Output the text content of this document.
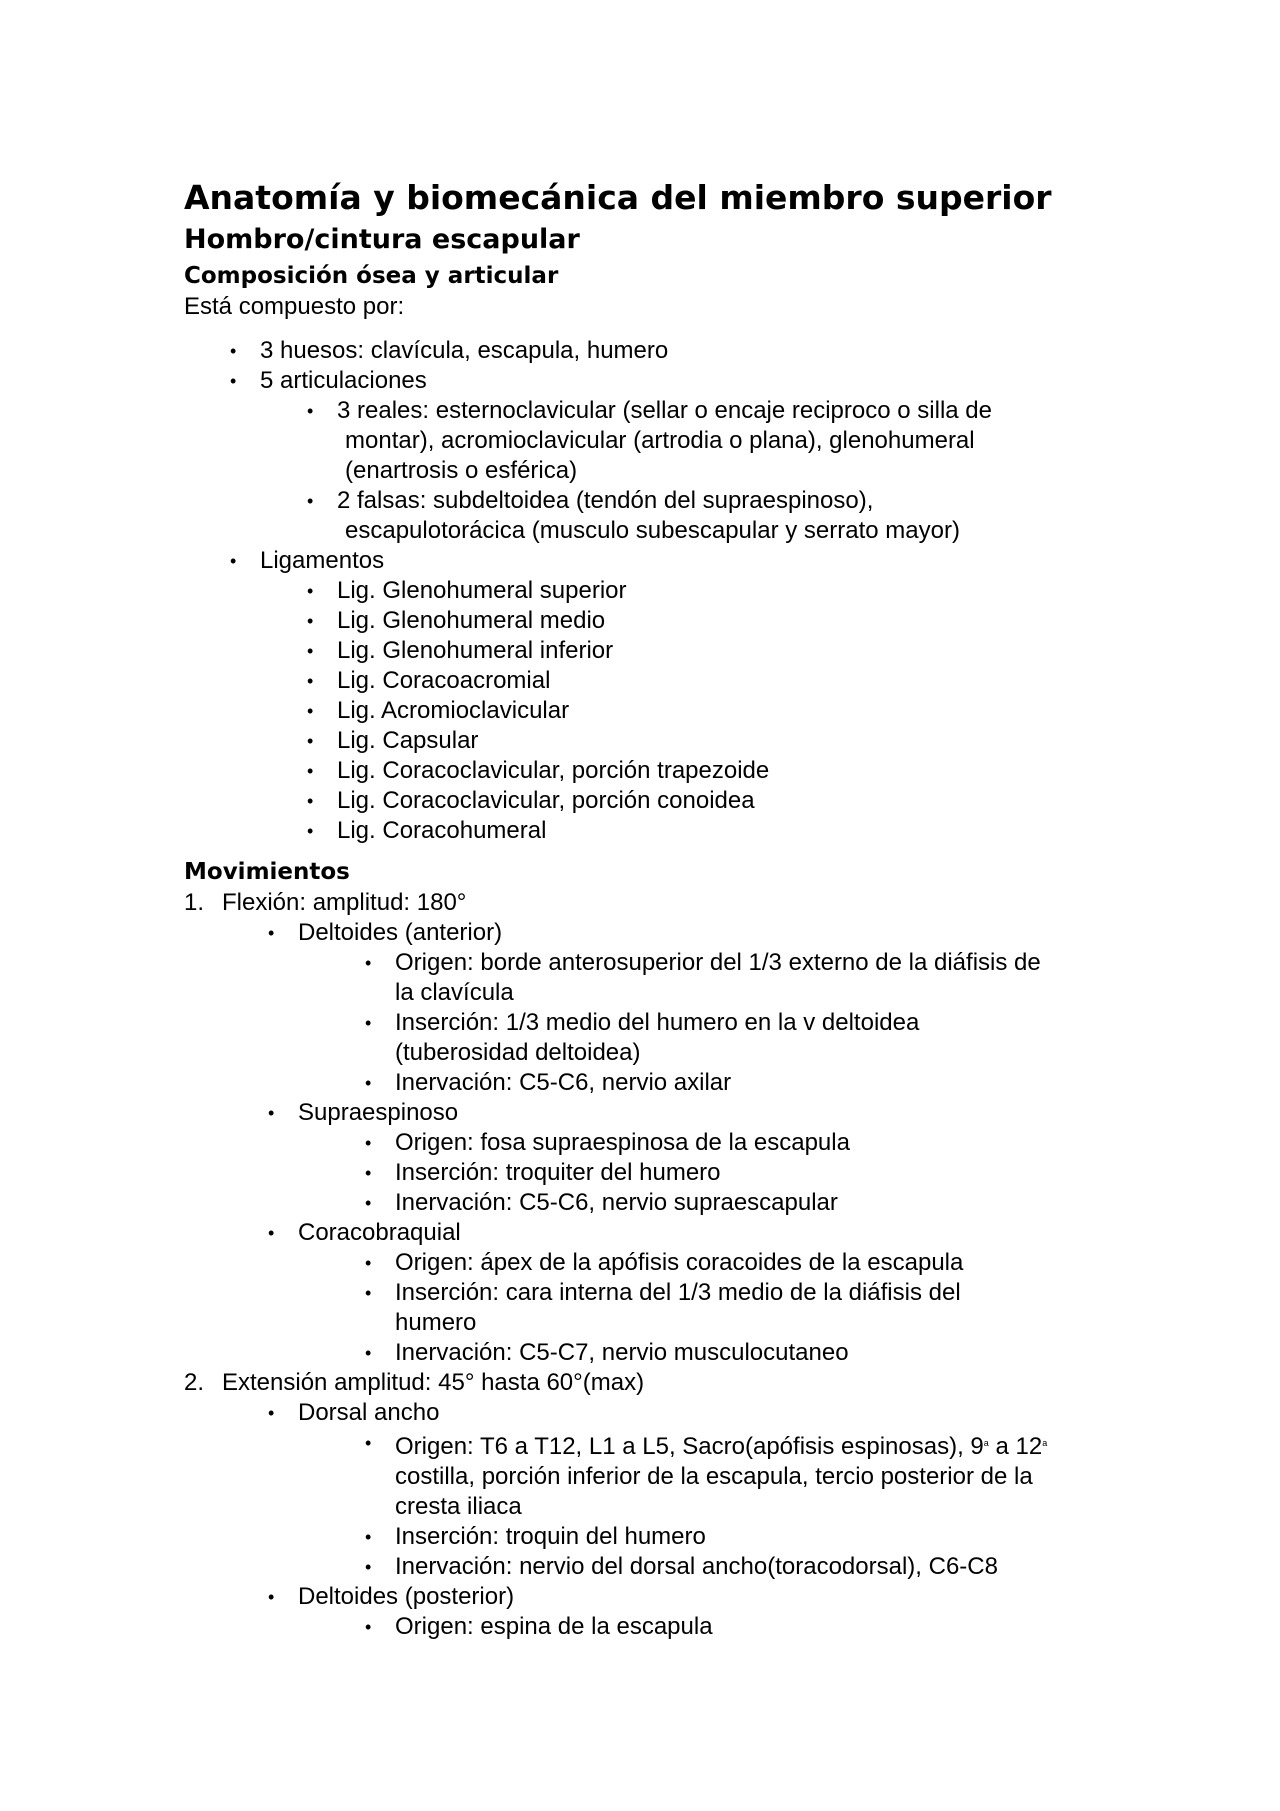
Anatomía y biomecánica del miembro superior
Hombro/cintura escapular
Composición ósea y articular

Está compuesto por:

• 3 huesos: clavícula, escapula, humero
• 5 articulaciones
• 3 reales: esternoclavicular (sellar o encaje reciproco o silla de
montar), acromioclavicular (artrodia o plana), glenohumeral
(enartrosis o esférica)
• 2 falsas: subdeltoidea (tendón del supraespinoso),
escapulotorácica (musculo subescapular y serrato mayor)
• Ligamentos
• Lig. Glenohumeral superior
• Lig. Glenohumeral medio
• Lig. Glenohumeral inferior
• Lig. Coracoacromial
• Lig. Acromioclavicular
• Lig. Capsular
• Lig. Coracoclavicular, porción trapezoide
• Lig. Coracoclavicular, porción conoidea
• Lig. Coracohumeral
Movimientos
1. Flexión: amplitud: 180°
• Deltoides (anterior)
• Origen: borde anterosuperior del 1/3 externo de la diáfisis de
la clavícula
• Inserción: 1/3 medio del humero en la v deltoidea
(tuberosidad deltoidea)
• Inervación: C5-C6, nervio axilar
• Supraespinoso
• Origen: fosa supraespinosa de la escapula
• Inserción: troquiter del humero
• Inervación: C5-C6, nervio supraescapular
• Coracobraquial
• Origen: ápex de la apófisis coracoides de la escapula
• Inserción: cara interna del 1/3 medio de la diáfisis del
humero
• Inervación: C5-C7, nervio musculocutaneo
2. Extensión amplitud: 45° hasta 60°(max)
• Dorsal ancho
• Origen: T6 a T12, L1 a L5, Sacro(apófisis espinosas), 9$^a$ a 12$^a$
costilla, porción inferior de la escapula, tercio posterior de la
cresta iliaca
• Inserción: troquin del humero
• Inervación: nervio del dorsal ancho(toracodorsal), C6-C8
• Deltoides (posterior)
• Origen: espina de la escapula
